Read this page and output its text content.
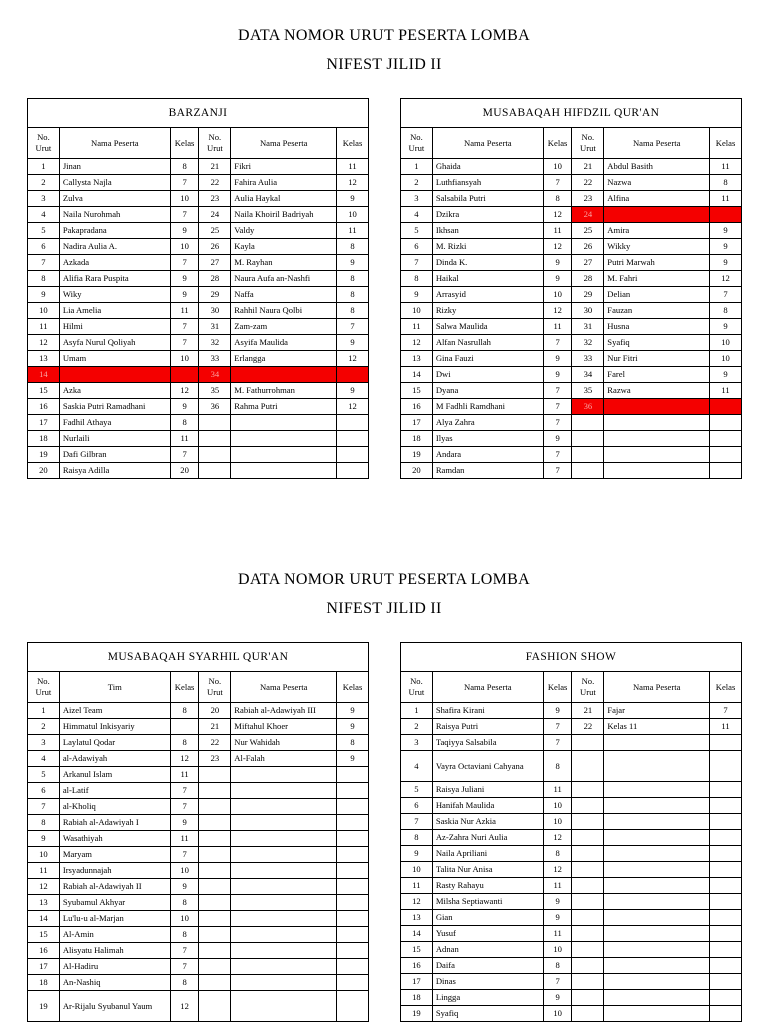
DATA NOMOR URUT PESERTA LOMBA
NIFEST JILID II
BARZANJI					
No. Urut	Nama Peserta	Kelas	No. Urut	Nama Peserta	Kelas
1	Jinan	8	21	Fikri	11
2	Callysta Najla	7	22	Fahira Aulia	12
3	Zulva	10	23	Aulia Haykal	9
4	Naila Nurohmah	7	24	Naila Khoiril Badriyah	10
5	Pakapradana	9	25	Valdy	11
6	Nadira Aulia A.	10	26	Kayla	8
7	Azkada	7	27	M. Rayhan	9
8	Alifia Rara Puspita	9	28	Naura Aufa an-Nashfi	8
9	Wiky	9	29	Naffa	8
10	Lia Amelia	11	30	Rahhil Naura Qolbi	8
11	Hilmi	7	31	Zam-zam	7
12	Asyfa Nurul Qoliyah	7	32	Asyifa Maulida	9
13	Umam	10	33	Erlangga	12
14			34		
15	Azka	12	35	M. Fathurrohman	9
16	Saskia Putri Ramadhani	9	36	Rahma Putri	12
17	Fadhil Athaya	8			
18	Nurlaili	11			
19	Dafi Gilbran	7			
20	Raisya Adilla	20			
MUSABAQAH HIFDZIL QUR'AN					
No. Urut	Nama Peserta	Kelas	No. Urut	Nama Peserta	Kelas
1	Ghaida	10	21	Abdul Basith	11
2	Luthfiansyah	7	22	Nazwa	8
3	Salsabila Putri	8	23	Alfina	11
4	Dzikra	12	24		
5	Ikhsan	11	25	Amira	9
6	M. Rizki	12	26	Wikky	9
7	Dinda K.	9	27	Putri Marwah	9
8	Haikal	9	28	M. Fahri	12
9	Arrasyid	10	29	Delian	7
10	Rizky	12	30	Fauzan	8
11	Salwa Maulida	11	31	Husna	9
12	Alfan Nasrullah	7	32	Syafiq	10
13	Gina Fauzi	9	33	Nur Fitri	10
14	Dwi	9	34	Farel	9
15	Dyana	7	35	Razwa	11
16	M Fadhli Ramdhani	7	36		
17	Alya Zahra	7			
18	Ilyas	9			
19	Andara	7			
20	Ramdan	7			
DATA NOMOR URUT PESERTA LOMBA
NIFEST JILID II
MUSABAQAH SYARHIL QUR'AN					
No. Urut	Tim	Kelas	No. Urut	Nama Peserta	Kelas
1	Aizel Team	8	20	Rabiah al-Adawiyah III	9
2	Himmatul Inkisyariy		21	Miftahul Khoer	9
3	Laylatul Qodar	8	22	Nur Wahidah	8
4	al-Adawiyah	12	23	Al-Falah	9
5	Arkanul Islam	11			
6	al-Latif	7			
7	al-Kholiq	7			
8	Rabiah al-Adawiyah I	9			
9	Wasathiyah	11			
10	Maryam	7			
11	Irsyadunnajah	10			
12	Rabiah al-Adawiyah II	9			
13	Syubamul Akhyar	8			
14	Lu'lu-u al-Marjan	10			
15	Al-Amin	8			
16	Alisyatu Halimah	7			
17	Al-Hadiru	7			
18	An-Nashiq	8			
19	Ar-Rijalu Syubanul Yaum	12			
FASHION SHOW					
No. Urut	Nama Peserta	Kelas	No. Urut	Nama Peserta	Kelas
1	Shafira Kirani	9	21	Fajar	7
2	Raisya Putri	7	22	Kelas 11	11
3	Taqiyya Salsabila	7			
4	Vayra Octaviani Cahyana	8			
5	Raisya Juliani	11			
6	Hanifah Maulida	10			
7	Saskia Nur Azkia	10			
8	Az-Zahra Nuri Aulia	12			
9	Naila Apriliani	8			
10	Talita Nur Anisa	12			
11	Rasty Rahayu	11			
12	Milsha Septiawanti	9			
13	Gian	9			
14	Yusuf	11			
15	Adnan	10			
16	Daifa	8			
17	Dinas	7			
18	Lingga	9			
19	Syafiq	10			
